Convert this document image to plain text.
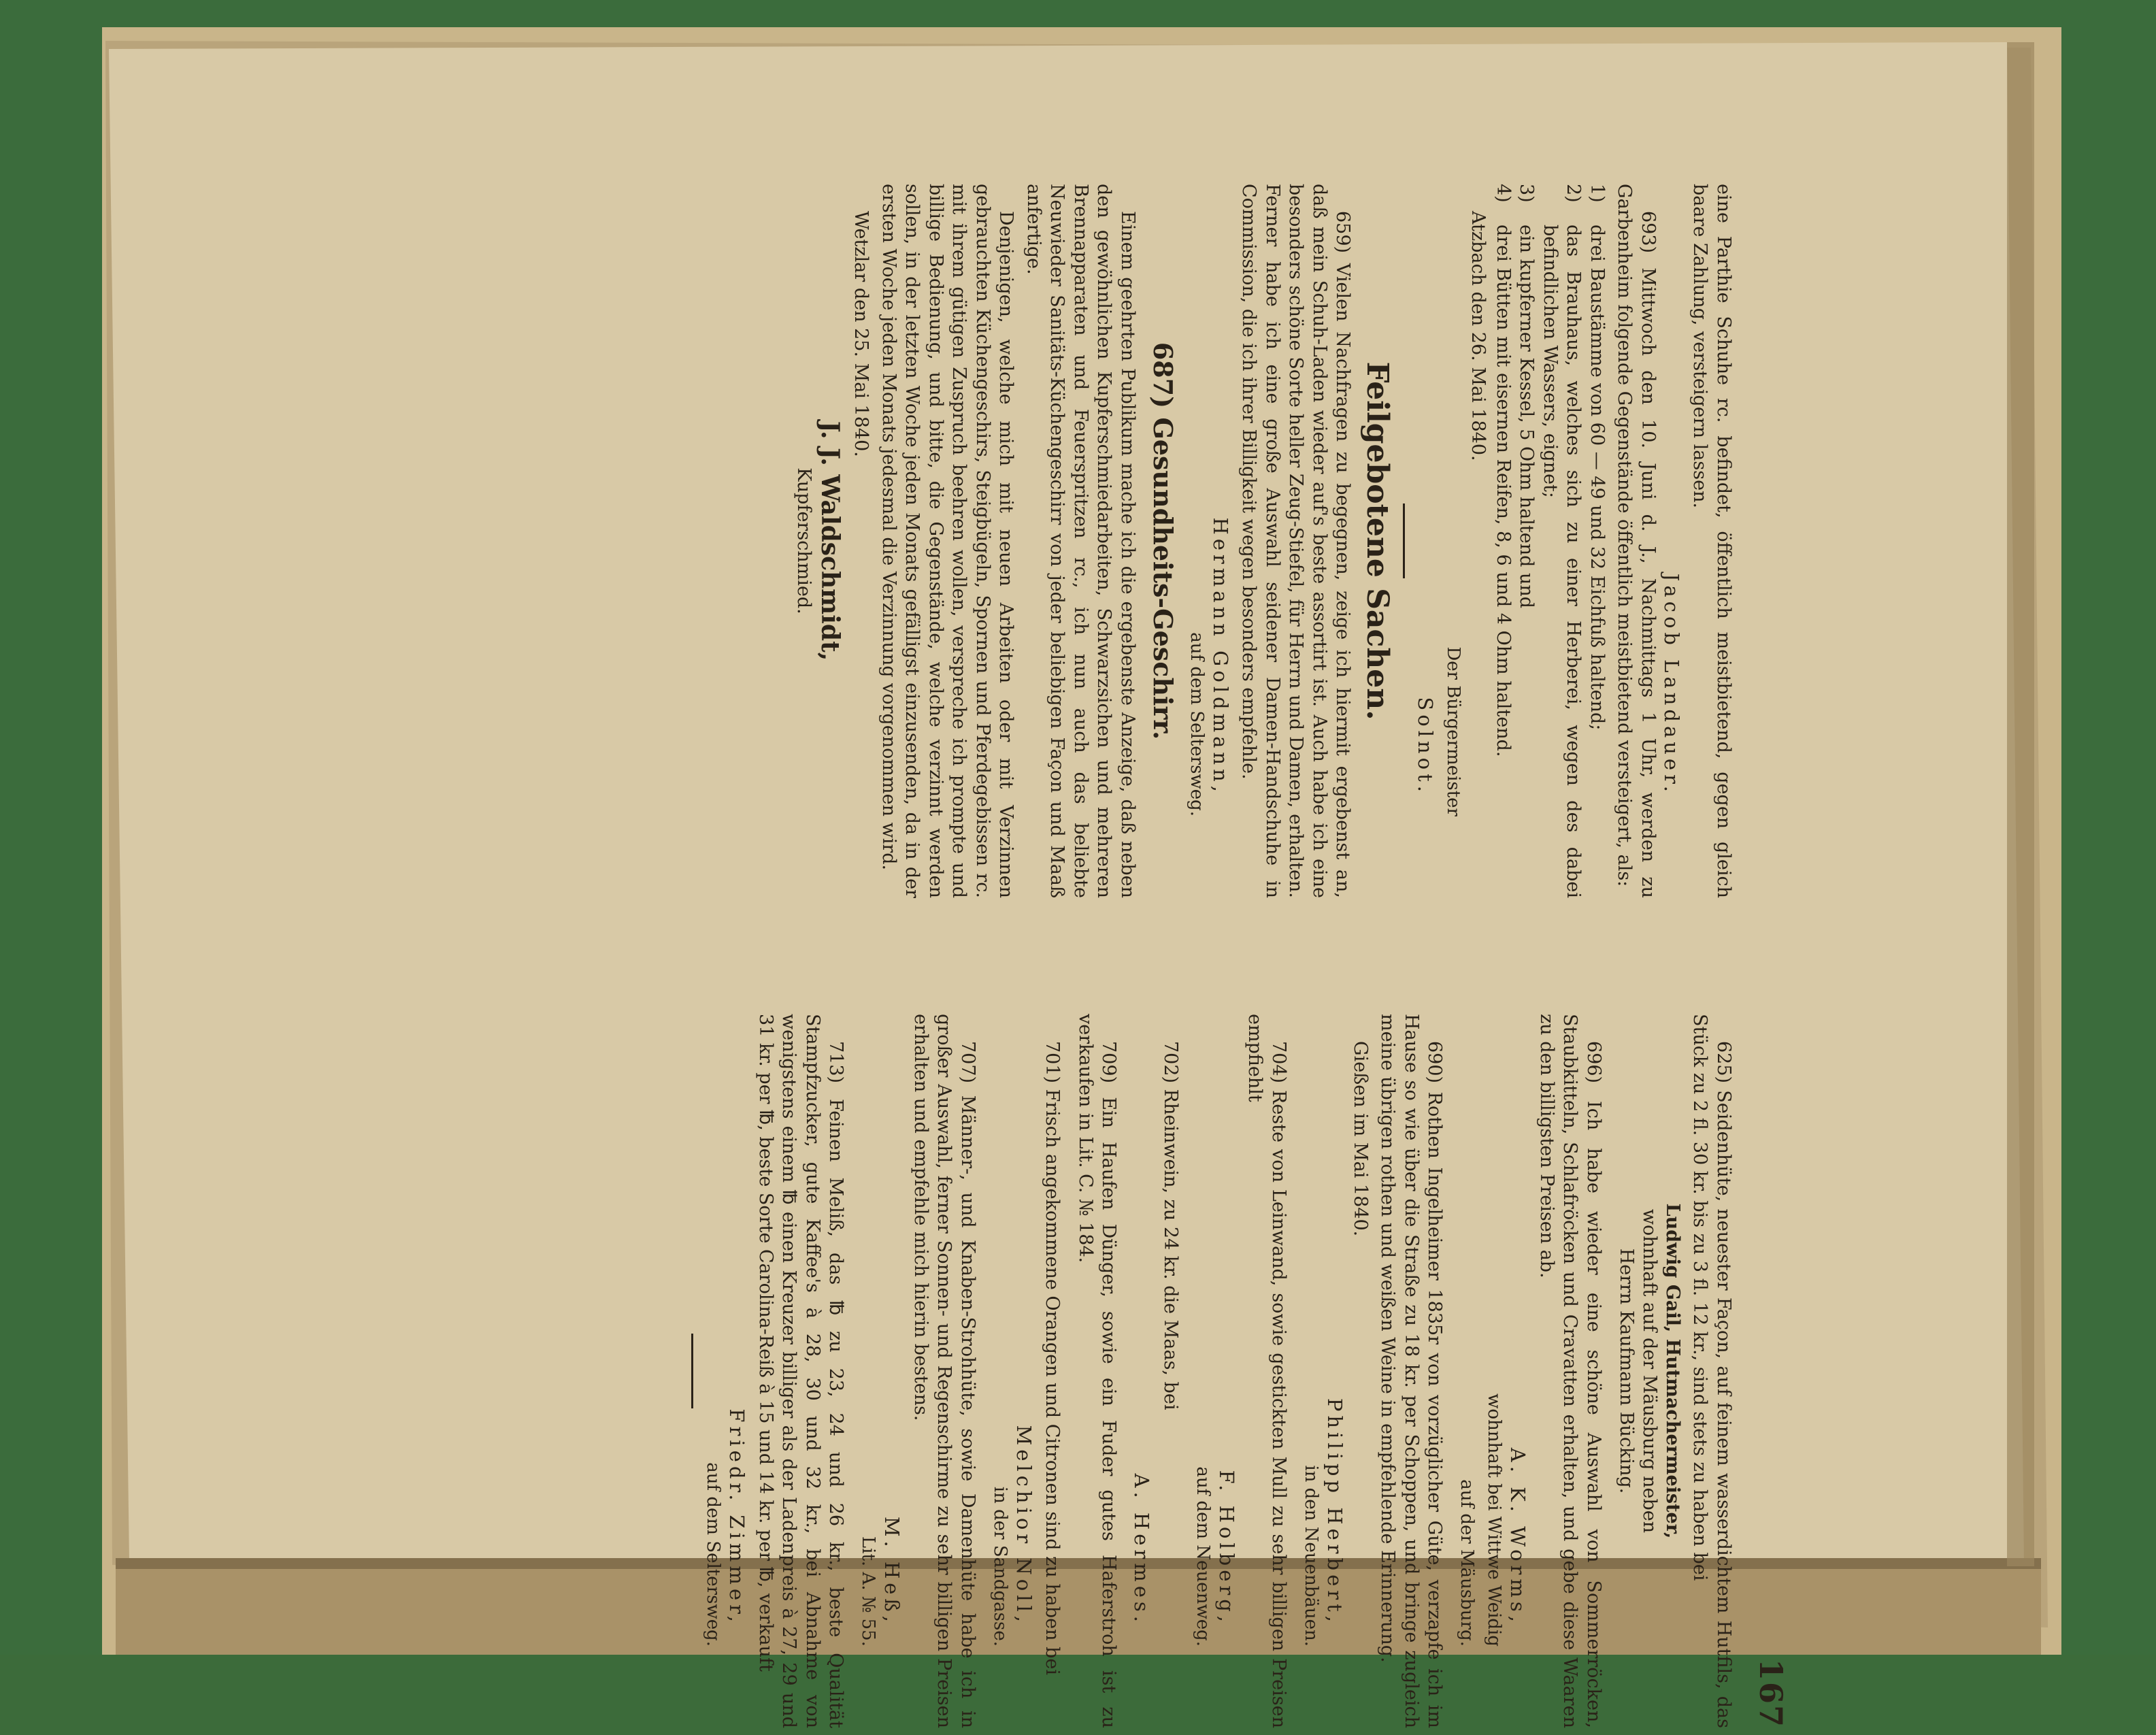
167

eine Parthie Schuhe rc. befindet, öffentlich meistbietend, gegen gleich baare Zahlung, versteigern lassen.

Jacob Landauer.

693) Mittwoch den 10. Juni d. J., Nachmittags 1 Uhr, werden zu Garbenheim folgende Gegenstände öffentlich meistbietend versteigert, als:

1)
drei Baustämme von 60 — 49 und 32 Eichfuß haltend;
2)
das Brauhaus, welches sich zu einer Herberei, wegen des dabei befindlichen Wassers, eignet;
3)
ein kupferner Kessel, 5 Ohm haltend und
4)
drei Bütten mit eisernen Reifen, 8, 6 und 4 Ohm haltend.

Atzbach den 26. Mai 1840.

Der Bürgermeister

Solnot.

Feilgebotene Sachen.

659) Vielen Nachfragen zu begegnen, zeige ich hiermit ergebenst an, daß mein Schuh-Laden wieder auf's beste assortirt ist. Auch habe ich eine besonders schöne Sorte heller Zeug-Stiefel, für Herrn und Damen, erhalten. Ferner habe ich eine große Auswahl seidener Damen-Handschuhe in Commission, die ich ihrer Billigkeit wegen besonders empfehle.

Hermann Goldmann,

auf dem Seltersweg.

687) Gesundheits-Geschirr.

Einem geehrten Publikum mache ich die ergebenste Anzeige, daß neben den gewöhnlichen Kupferschmiedarbeiten, Schwarzsichen und mehreren Brennapparaten und Feuerspritzen rc., ich nun auch das beliebte Neuwieder Sanitäts-Küchengeschirr von jeder beliebigen Façon und Maaß anfertige.

Denjenigen, welche mich mit neuen Arbeiten oder mit Verzinnen gebrauchten Küchengeschirs, Steigbügeln, Spornen und Pferdegebissen rc. mit ihrem gütigen Zuspruch beehren wollen, verspreche ich prompte und billige Bedienung, und bitte, die Gegenstände, welche verzinnt werden sollen, in der letzten Woche jeden Monats gefälligst einzusenden, da in der ersten Woche jeden Monats jedesmal die Verzinnung vorgenommen wird.

Wetzlar den 25. Mai 1840.

J. J. Waldschmidt,

Kupferschmied.

625) Seidenhüte, neuester Façon, auf feinem wasserdichtem Hutfils, das Stück zu 2 fl. 30 kr. bis zu 3 fl. 12 kr., sind stets zu haben bei

Ludwig Gail, Hutmachermeister,

wohnhaft auf der Mäusburg neben

Herrn Kaufmann Bücking.

696) Ich habe wieder eine schöne Auswahl von Sommerröcken, Staubkitteln, Schlafröcken und Cravatten erhalten, und gebe diese Waaren zu den billigsten Preisen ab.

A. K. Worms,

wohnhaft bei Wittwe Weidig

auf der Mäusburg.

690) Rothen Ingelheimer 1835r von vorzüglicher Güte, verzapfe ich im Hause so wie über die Straße zu 18 kr. per Schoppen, und bringe zugleich meine übrigen rothen und weißen Weine in empfehlende Erinnerung.

Gießen im Mai 1840.

Philipp Herbert,

in den Neuenbäuen.

704) Reste von Leinwand, sowie gestickten Mull zu sehr billigen Preisen empfiehlt

F. Holberg,

auf dem Neuenweg.

702) Rheinwein, zu 24 kr. die Maas, bei

A. Hermes.

709) Ein Haufen Dünger, sowie ein Fuder gutes Haferstroh ist zu verkaufen in Lit. C. № 184.

701) Frisch angekommene Orangen und Citronen sind zu haben bei

Melchior Noll,

in der Sandgasse.

707) Männer-, und Knaben-Strohhüte, sowie Damenhüte habe ich in großer Auswahl, ferner Sonnen- und Regenschirme zu sehr billigen Preisen erhalten und empfehle mich hierin bestens.

M. Heß,

Lit. A. № 55.

713) Feinen Meliß, das ℔ zu 23, 24 und 26 kr., beste Qualität Stampfzucker, gute Kaffee's à 28, 30 und 32 kr., bei Abnahme von wenigstens einem ℔ einen Kreuzer billiger als der Ladenpreis à 27, 29 und 31 kr. per ℔, beste Sorte Carolina-Reiß à 15 und 14 kr. per ℔, verkauft

Friedr. Zimmer,

auf dem Seltersweg.
